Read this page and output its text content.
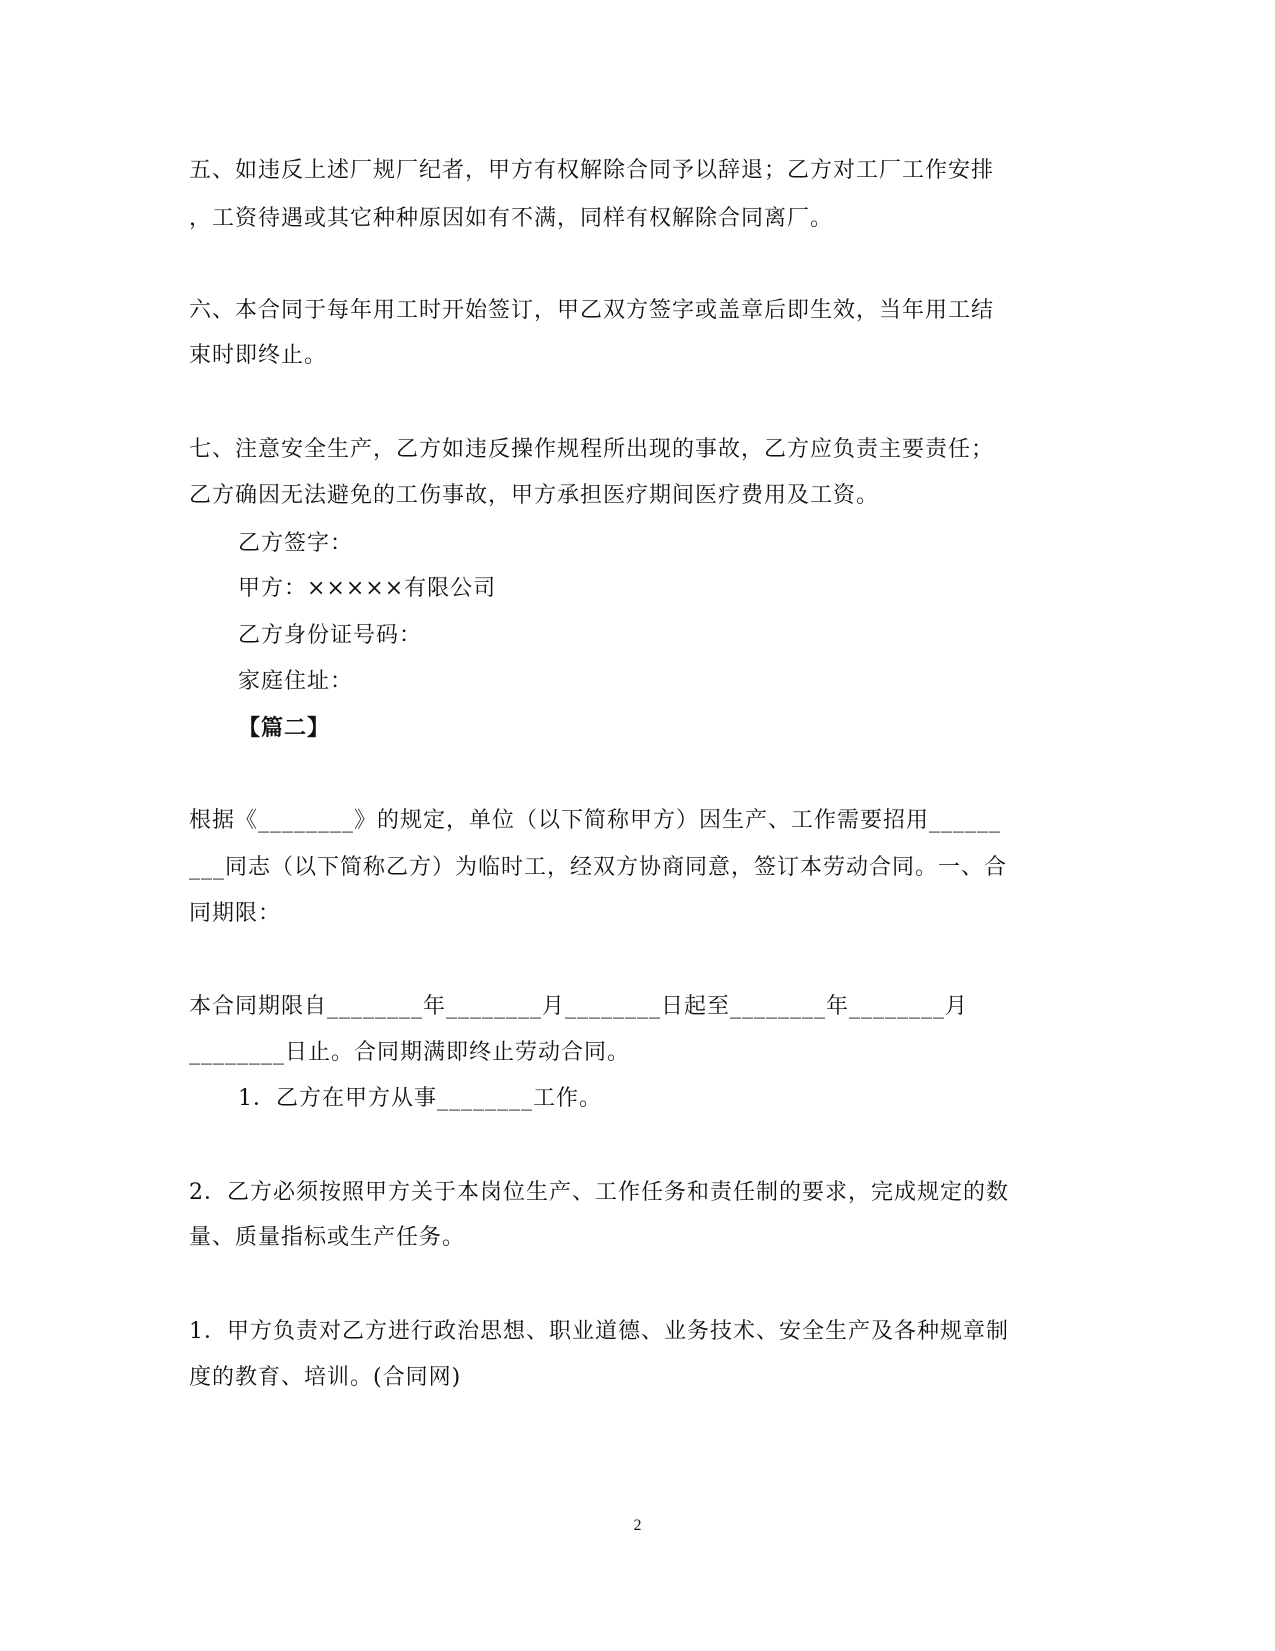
五、如违反上述厂规厂纪者，甲方有权解除合同予以辞退；乙方对工厂工作安排
，工资待遇或其它种种原因如有不满，同样有权解除合同离厂。
六、本合同于每年用工时开始签订，甲乙双方签字或盖章后即生效，当年用工结
束时即终止。
七、注意安全生产，乙方如违反操作规程所出现的事故，乙方应负责主要责任；
乙方确因无法避免的工伤事故，甲方承担医疗期间医疗费用及工资。
乙方签字：
甲方：×××××有限公司
乙方身份证号码：
家庭住址：
【篇二】
根据《________》的规定，单位（以下简称甲方）因生产、工作需要招用______
___同志（以下简称乙方）为临时工，经双方协商同意，签订本劳动合同。一、合
同期限：
本合同期限自________年________月________日起至________年________月
________日止。合同期满即终止劳动合同。
1．乙方在甲方从事________工作。
2．乙方必须按照甲方关于本岗位生产、工作任务和责任制的要求，完成规定的数
量、质量指标或生产任务。
1．甲方负责对乙方进行政治思想、职业道德、业务技术、安全生产及各种规章制
度的教育、培训。(合同网)
2
